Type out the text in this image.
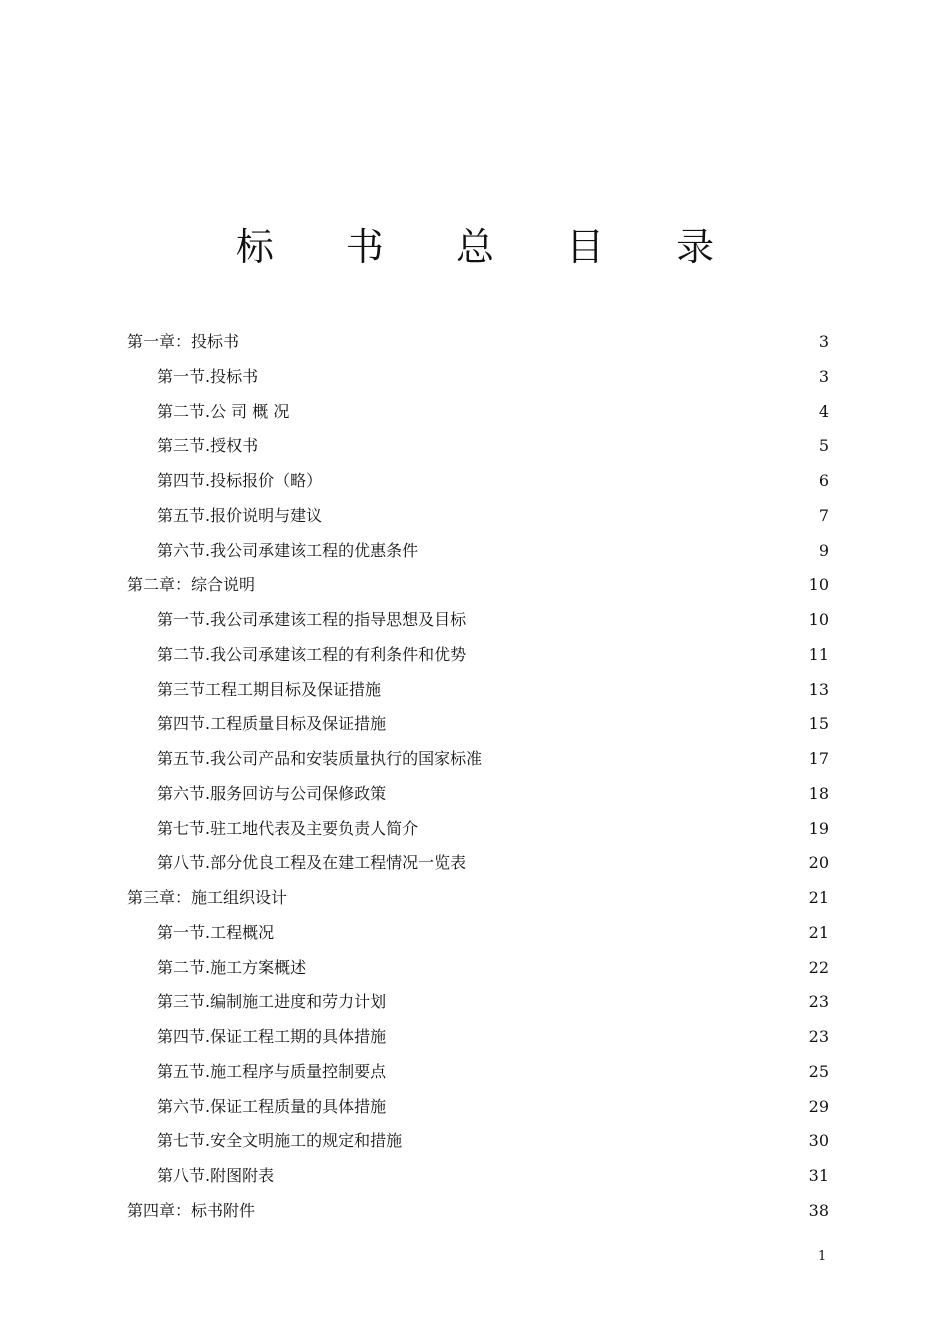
标 书 总 目 录
第一章：投标书	3
第一节.投标书	3
第二节.公 司 概 况	4
第三节.授权书	5
第四节.投标报价（略）	6
第五节.报价说明与建议	7
第六节.我公司承建该工程的优惠条件	9
第二章：综合说明	10
第一节.我公司承建该工程的指导思想及目标	10
第二节.我公司承建该工程的有利条件和优势	11
第三节工程工期目标及保证措施	13
第四节.工程质量目标及保证措施	15
第五节.我公司产品和安装质量执行的国家标准	17
第六节.服务回访与公司保修政策	18
第七节.驻工地代表及主要负责人简介	19
第八节.部分优良工程及在建工程情况一览表	20
第三章：施工组织设计	21
第一节.工程概况	21
第二节.施工方案概述	22
第三节.编制施工进度和劳力计划	23
第四节.保证工程工期的具体措施	23
第五节.施工程序与质量控制要点	25
第六节.保证工程质量的具体措施	29
第七节.安全文明施工的规定和措施	30
第八节.附图附表	31
第四章：标书附件	38
1
